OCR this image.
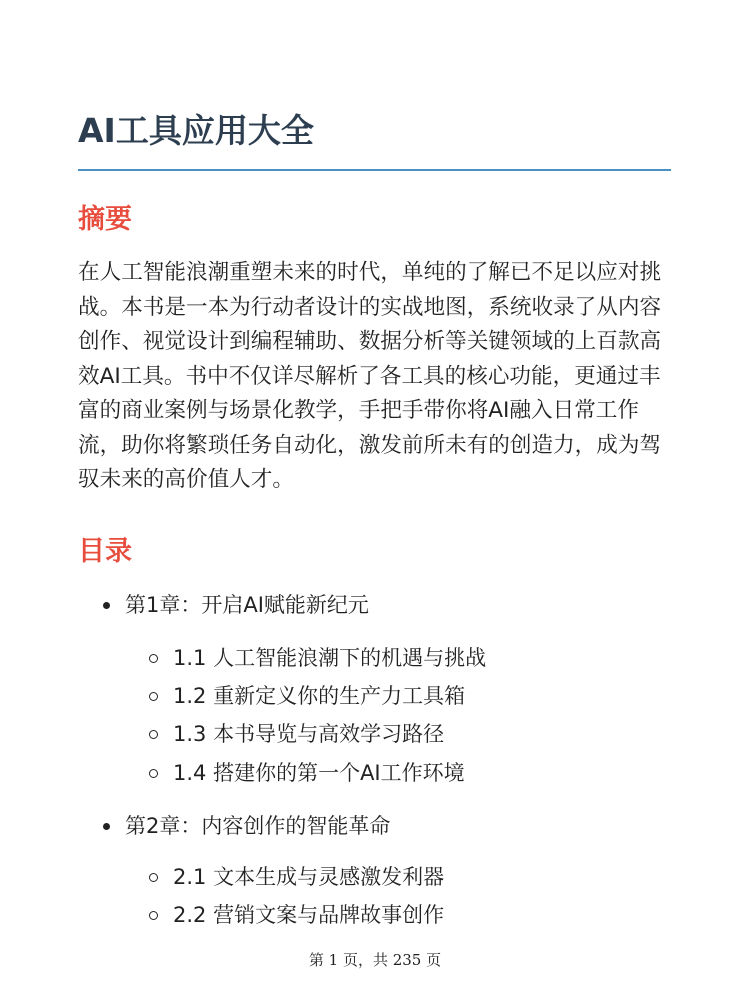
AI工具应用大全
摘要

在人工智能浪潮重塑未来的时代，单纯的了解已不足以应对挑战。本书是一本为行动者设计的实战地图，系统收录了从内容创作、视觉设计到编程辅助、数据分析等关键领域的上百款高效AI工具。书中不仅详尽解析了各工具的核心功能，更通过丰富的商业案例与场景化教学，手把手带你将AI融入日常工作流，助你将繁琐任务自动化，激发前所未有的创造力，成为驾驭未来的高价值人才。

目录
第1章：开启AI赋能新纪元
1.1 人工智能浪潮下的机遇与挑战
1.2 重新定义你的生产力工具箱
1.3 本书导览与高效学习路径
1.4 搭建你的第一个AI工作环境
第2章：内容创作的智能革命
2.1 文本生成与灵感激发利器
2.2 营销文案与品牌故事创作
第 1 页，共 235 页
